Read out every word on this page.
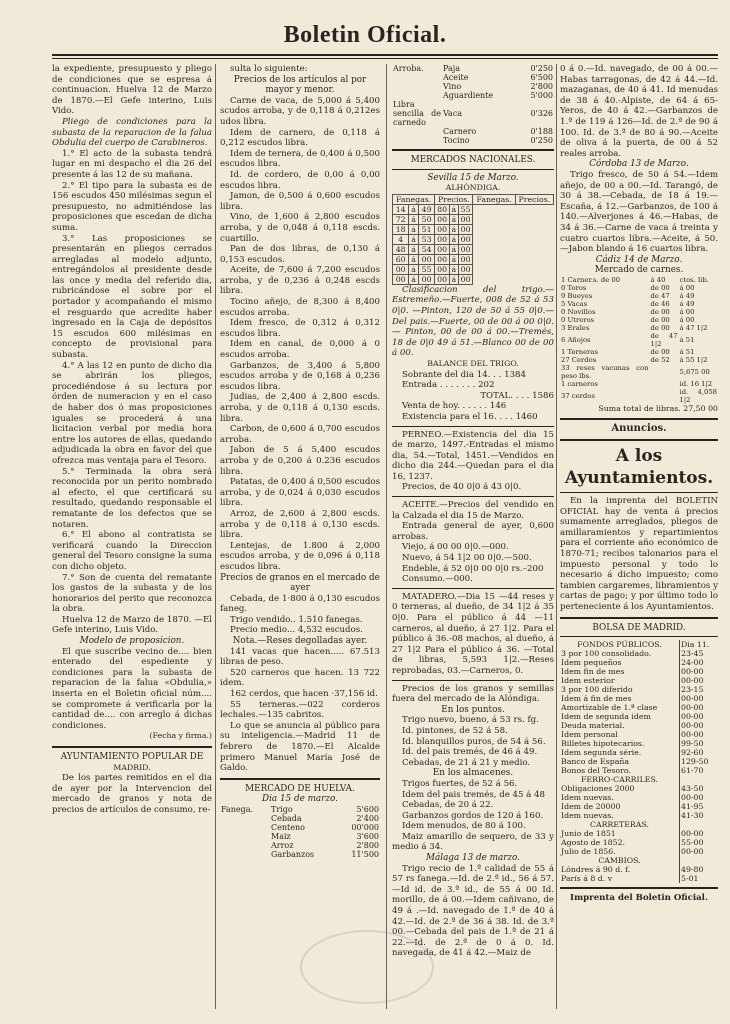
Boletin Oficial.

la expediente, presupuesto y pliego de condiciones que se espresa á continuacion. Huelva 12 de Marzo de 1870.—El Gefe interino, Luis Vido.

Pliego de condiciones para la subasta de la reparacion de la falua Obdulia del cuerpo de Carabineros.

1.° El acto de la subasta tendrá lugar en mi despacho el dia 26 del presente á las 12 de su mañana.

2.° El tipo para la subasta es de 156 escudos 450 milésimas segun el presupuesto, no admitiéndose las proposiciones que escedan de dicha suma.

3.° Las proposiciones se presentarán en pliegos cerrados arregladas al modelo adjunto, entregándolos al presidente desde las once y media del referido dia, rubricándose el sobre por el portador y acompañando el mismo el resguardo que acredite haber ingresado en la Caja de depósitos 15 escudos 600 milésimas en concepto de provisional para subasta.

4.° A las 12 en punto de dicho dia se abrirán los pliegos, procediéndose á su lectura por órden de numeracion y en el caso de haber dos ó mas proposiciones iguales se procederá á una licitacion verbal por media hora entre los autores de ellas, quedando adjudicada la obra en favor del que ofrezca mas ventaja para el Tesoro.

5.° Terminada la obra será reconocida por un perito nombrado al efecto, el que certificará su resultado, quedando responsable el rematante de los defectos que se notaren.

6.° El abono al contratista se verificará cuando la Direccion general del Tesoro consigne la suma con dicho objeto.

7.° Son de cuenta del rematante los gastos de la subasta y de los honorarios del perito que reconozca la obra.

Huelva 12 de Marzo de 1870. —El Gefe interino, Luis Vido.

Modelo de proposicion.

El que suscribe vecino de.... bien enterado del espediente y condiciones para la subasta de reparacion de la falua «Obdulia,» inserta en el Boletin oficial núm.... se compromete á verificarla por la cantidad de.... con arreglo á dichas condiciones.

(Fecha y firma.)

AYUNTAMIENTO POPULAR DE

MADRID.

De los partes remitidos en el dia de ayer por la Intervencion del mercado de granos y nota de precios de artículos de consumo, re-

sulta lo siguiente:

Precios de los artículos al por mayor y menor.

Carne de vaca, de 5,000 á 5,400 scudos arroba, y de 0,118 á 0,212es udos libra.

Idem de carnero, de 0,118 á 0,212 escudos libra.

Idem de ternera, de 0,400 á 0,500 escudos libra.

Id. de cordero, de 0,00 á 0,00 escudos libra.

Jamon, de 0,500 á 0,600 escudos libra.

Vino, de 1,600 á 2,800 escudos arroba, y de 0,048 á 0,118 escds. cuartillo.

Pan de dos libras, de 0,130 á 0,153 escudos.

Aceite, de 7,600 á 7,200 escudos arroba, y de 0,236 á 0,248 escds libra.

Tocino añejo, de 8,300 á 8,400 escudos arroba.

Idem fresco, de 0,312 á 0,312 escudos libra.

Idem en canal, de 0,000 á 0 escudos arroba.

Garbanzos, de 3,400 á 5,800 escudos arroba y de 0,168 á 0,236 escudos libra.

Judias, de 2,400 á 2,800 escds. arroba, y de 0,118 á 0,130 escds. libra.

Carbon, de 0,600 á 0,700 escudos arroba.

Jabon de 5 á 5,400 escudos arroba y de 0,200 á 0.236 escudos libra.

Patatas, de 0,400 á 0,500 escudos arroba, y de 0,024 á 0,030 escudos libra.

Arroz, de 2,600 á 2,800 escds. arroba y de 0,118 á 0,130 escds. libra.

Lentejas, de 1.800 á 2,000 escudos arroba, y de 0,096 á 0,118 escudos libra.

Precios de granos en el mercado de ayer

Cebada, de 1·800 á 0,130 escudos faneg.

Trigo vendido.. 1.510 fanegas.

Precio medio... 4,532 escudos.

Nota.—Reses degolladas ayer.

141 vacas que hacen..... 67.513 libras de peso.

520 carneros que hacen. 13 722 idem.

162 cerdos, que hacen ·37,156 id.

55 terneras.—022 corderos lechales.—135 cabritos.

Lo que se anuncia al público para su inteligencia.—Madrid 11 de febrero de 1870.—El Alcalde primero Manuel María José de Galdo.

MERCADO DE HUELVA.

Dia 15 de marzo.

Fanega.	Trigo	5'600
	Cebada	2'400
	Centeno	00'000
	Maiz	3'600
	Arroz	2'800
	Garbanzos	11'500
Arroba.	Paja	0'250
	Aceite	6'500
	Vino	2'800
	Aguardiente	5'000
Libra sencilla de carnedo	Vaca	0'326
	Carnero	0'188
	Tocino	0'250

MERCADOS NACIONALES.

Sevilla 15 de Marzo.

ALHÓNDIGA.

Fanegas.			Precios.			Fanegas.	Precios.
14	á	49	80	á	55		
72	á	50	00	á	00		
18	á	51	00	á	00		
4	á	53	00	á	00		
48	á	54	00	á	00		
60	á	00	00	á	00		
00	á	55	00	á	00		
00	á	00	00	á	00		

Clasificacion del trigo.—Estremeño.—Fuerte, 008 de 52 á 53 0|0. —Pinton, 120 de 50 á 55 0|0.—Del pais.—Fuerte, 00 de 00 á 00 0|0.— Pinton, 00 de 00 á 00.—Tremés, 18 de 0|0 49 á 51.—Blanco 00 de 00 á 00.

BALANCE DEL TRIGO.

Sobrante del dia 14. . . 1384

Entrada . . . . . . . 202

TOTAL. . . . 1586

Venta de hoy. . . . . . 146

Existencia para el 16. . . . 1460

PERNEO.—Existencia del dia 15 de marzo, 1497.-Entradas el mismo dia, 54.—Total, 1451.—Vendidos en dicho dia 244.—Quedan para el dia 16, 1237.

Precios, de 40 0|0 á 43 0|0.

ACEITE.—Precios del vendido en la Calzada el dia 15 de Marzo.

Entrada general de ayer, 0,600 arrobas.

Viejo, á 00 00 0|0.—000.

Nuevo, á 54 1|2 00 0|0.—500.

Endeble, á 52 0|0 00 0|0 rs.–200

Consumo.—000.

MATADERO.—Dia 15 —44 reses y 0 terneras, al dueño, de 34 1|2 á 35 0|0. Para el público á 44 —11 carneros, al dueño, á 27 1|2. Para el público á 36.-08 machos, al dueño, á 27 1|2 Para el público á 36. —Total de libras, 5,593 1|2.—Reses reprobadas, 03.—Carneros, 0.

Precios de los granos y semillas fuera del mercado de la Alóndiga.

En los puntos.

Trigo nuevo, bueno, á 53 rs. fg.

Id. pintones, de 52 á 58.

Id. blanquillos puros, de 54 á 56.

Id. del pais tremés, de 46 á 49.

Cebadas, de 21 á 21 y medio.

En los almacenes.

Trigos fuertes, de 52 á 56.

Idem del pais tremés, de 45 á 48

Cebadas, de 20 á 22.

Garbanzos gordos de 120 á 160.

Idem menudos, de 80 á 100.

Maiz amarillo de sequero, de 33 y medio á 34.

Málaga 13 de marzo.

Trigo recio de 1.ª calidad de 55 á 57 rs fanega.—Id. de 2.ª id., 56 á 57.—Id id. de 3.ª id., de 55 á 00 Id. morillo, de á 00.—Idem cañivano, de 49 á .—Id. navegado de 1.ª de 40 á 42.—Id. de 2.ª de 36 á 38. Id. de 3.ª 00.—Cebada del pais de 1.ª de 21 á 22.—Id. de 2.ª de 0 á 0. Id. navegada, de 41 á 42.—Maiz de

0 á 0.—Id. navegado, de 00 á 00.— Habas tarragonas, de 42 á 44.—Id. mazaganas, de 40 á 41. Id menudas de 38 á 40.-Alpiste, de 64 á 65-Yeros, de 40 á 42.—Garbanzos de 1.ª de 119 á 126—Id. de 2.ª de 90 á 100. Id. de 3.ª de 80 á 90.—Aceite de oliva á la puerta, de 00 á 52 reales arroba.

Córdoba 13 de Marzo.

Trigo fresco, de 50 á 54.—Idem añejo, de 00 a 00.—Id. Tarangó, de 30 á 38.—Cebada, de 18 á 19.— Escaña, á 12.—Garbanzos, de 100 á 140.—Alverjones á 46.—Habas, de 34 á 36.—Carne de vaca á treinta y cuatro cuartos libra.—Aceite, á 50.—Jabon blando á 16 cuartos libra.

Cádiz 14 de Marzo.

Mercado de carnes.

1 Carner.s. de 00	á 40	ctos. lib.
0 Toros	de 00	á 00
9 Bueyes	de 47	á 49
5 Vacas	de 46	á 49
0 Novillos	de 00	á 00
0 Utreros	de 00	á 00
3 Erales	de 00	á 47 1|2
6 Añojos	de 47 1|2	á 51
1 Terneras	de 00	á 51
27 Cerdos	de 52	á 55 1|2
33 reses vacunas con peso lbs.		5,675 00
1 carneros		id. 16 1|2
37 cerdos		id. 4,058 1|2

Suma total de libras. 27,50 00

Anuncios.

A los Ayuntamientos.

En la imprenta del BOLETIN OFICIAL hay de venta á precios sumamente arreglados, pliegos de amillaramientos y repartimientos para el corriente año económico de 1870-71; recibos talonarios para el impuesto personal y todo lo necesario á dicho impuesto; como tambien cargaremes, libramientos y cartas de pago; y por último todo lo perteneciente á los Ayuntamientos.

BOLSA DE MADRID.

FONDOS PÚBLICOS.	Dia 11.
3 por 100 consolidado.	23-45
Idem pequeños	24-00
Idem fin de mes	00-00
Idem esterior	00-00
3 por 100 diferido	23-15
Idem á fin de mes	00-00
Amortizable de 1.ª clase	00-00
Idem de segunda idem	00-00
Deuda material.	00-00
Idem personal	00-00
Billetes hipotecarios.	99-50
Idem segunda série.	92-60
Banco de España	129-50
Bonos del Tesoro.	61-70
FERRO-CARRILES.	
Obligaciones 2000	43-50
Idem nuevas.	00-00
Idem de 20000	41-95
Idem nuevas.	41-30
CARRETERAS.	
Junio de 1851	00-00
Agosto de 1852.	55-00
Julio de 1856.	00-00
CAMBIOS.	
Lóndres á 90 d. f.	49-80
París á 8 d. v	5-01

Imprenta del Boletin Oficial.
